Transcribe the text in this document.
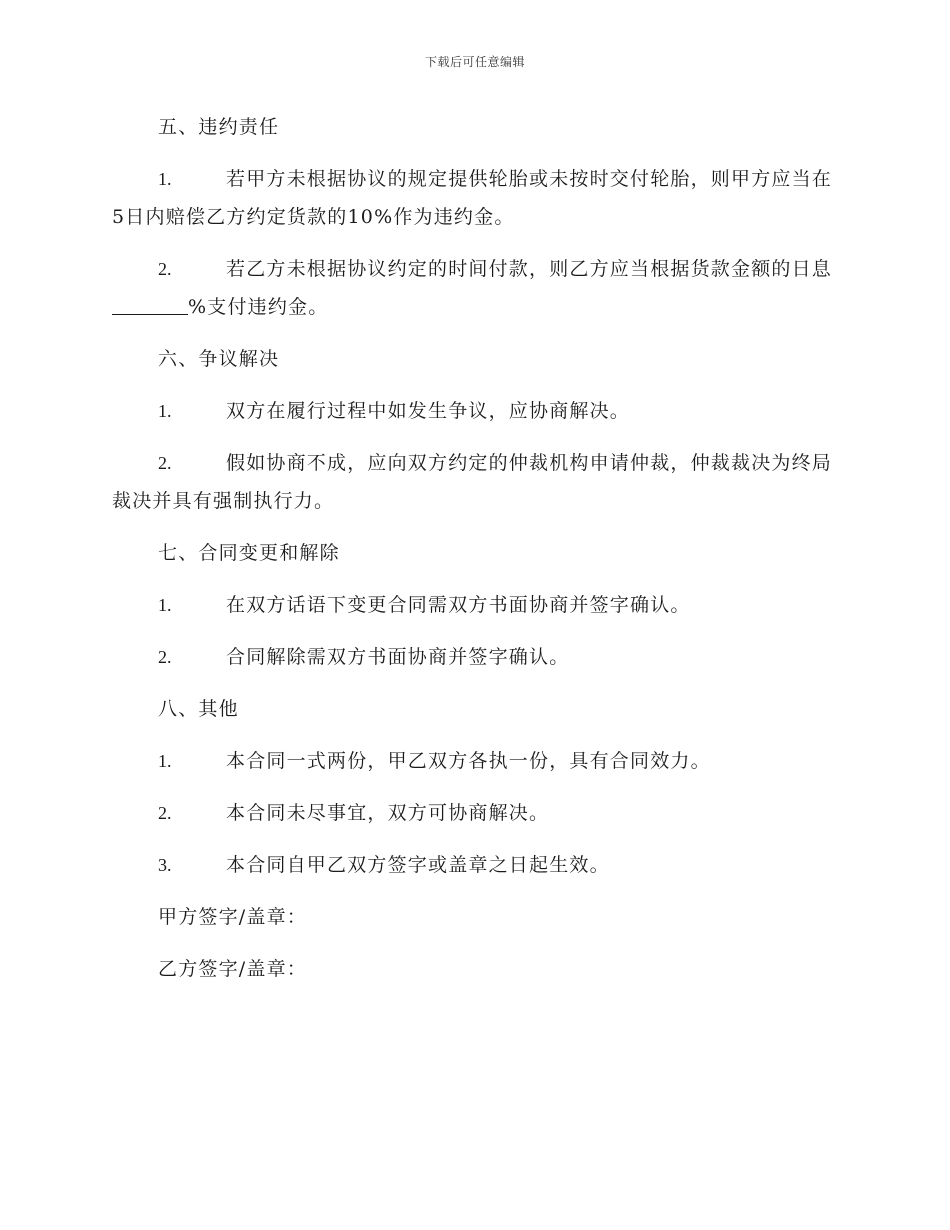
下载后可任意编辑
五、违约责任
1.	若甲方未根据协议的规定提供轮胎或未按时交付轮胎，则甲方应当在5日内赔偿乙方约定货款的10%作为违约金。
2.	若乙方未根据协议约定的时间付款，则乙方应当根据货款金额的日息%支付违约金。
六、争议解决
1.	双方在履行过程中如发生争议，应协商解决。
2.	假如协商不成，应向双方约定的仲裁机构申请仲裁，仲裁裁决为终局裁决并具有强制执行力。
七、合同变更和解除
1.	在双方话语下变更合同需双方书面协商并签字确认。
2.	合同解除需双方书面协商并签字确认。
八、其他
1.	本合同一式两份，甲乙双方各执一份，具有合同效力。
2.	本合同未尽事宜，双方可协商解决。
3.	本合同自甲乙双方签字或盖章之日起生效。
甲方签字/盖章：
乙方签字/盖章：
